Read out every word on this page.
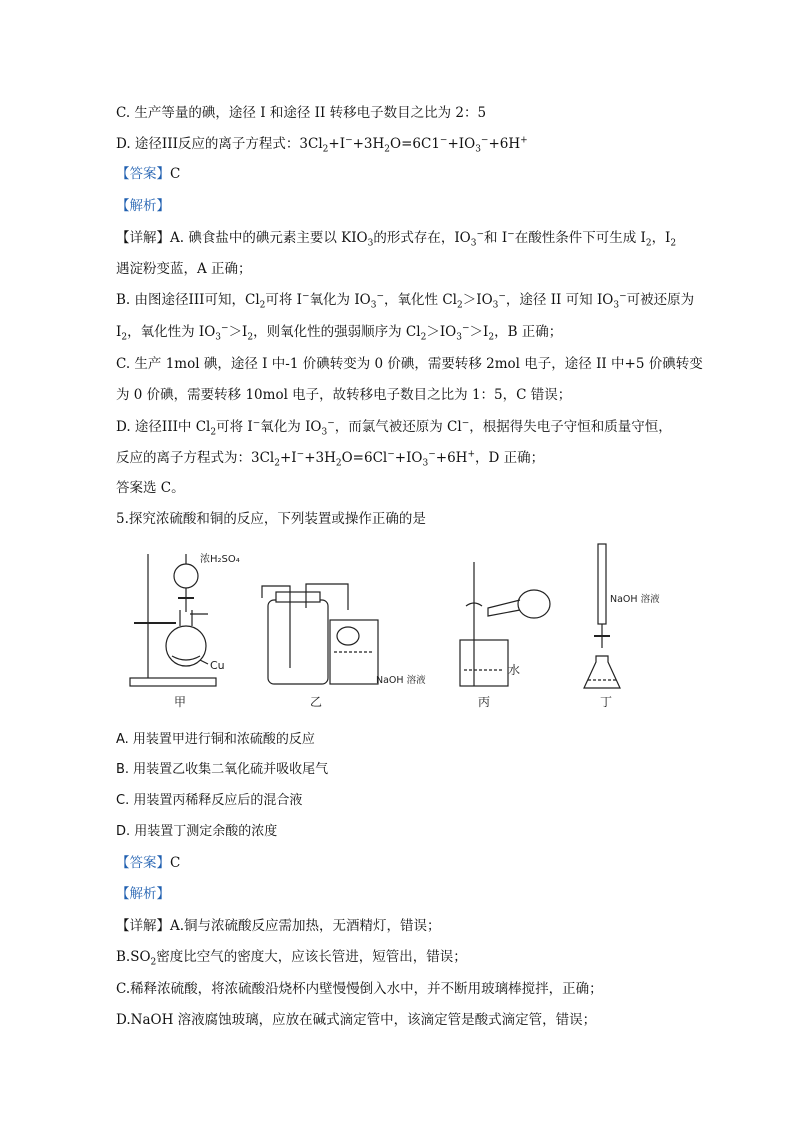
C. 生产等量的碘，途径 I 和途径 II 转移电子数目之比为 2：5
D. 途径III反应的离子方程式：$3Cl_2+I^-+3H_2O=6C1^-+IO_3^-+6H^+$
【答案】C
【解析】
【详解】A. 碘食盐中的碘元素主要以 $KIO_3$的形式存在，$IO_3^-$和 I−在酸性条件下可生成 $I_2$，$I_2$
遇淀粉变蓝，A 正确；
B. 由图途径III可知，$Cl_2$可将 I−氧化为 $IO_3^-$，氧化性 $Cl_2>IO_3^-$，途径 II 可知 $IO_3^-$可被还原为
$I_2$，氧化性为 $IO_3^->I_2$，则氧化性的强弱顺序为 $Cl_2>IO_3^->I_2$，B 正确；
C. 生产 1mol 碘，途径 I 中-1 价碘转变为 0 价碘，需要转移 2mol 电子，途径 II 中+5 价碘转变
为 0 价碘，需要转移 10mol 电子，故转移电子数目之比为 1：5，C 错误；
D. 途径III中 $Cl_2$可将 I−氧化为 $IO_3^-$，而氯气被还原为 Cl−，根据得失电子守恒和质量守恒，
反应的离子方程式为：$3Cl_2+I^-+3H_2O=6Cl^-+IO_3^-+6H^+$，D 正确；
答案选 C。
5.探究浓硫酸和铜的反应，下列装置或操作正确的是
浓H₂SO₄
Cu
甲
NaOH 溶液
乙
水
丙
NaOH 溶液
丁
A. 用装置甲进行铜和浓硫酸的反应
B. 用装置乙收集二氧化硫并吸收尾气
C. 用装置丙稀释反应后的混合液
D. 用装置丁测定余酸的浓度
【答案】C
【解析】
【详解】A.铜与浓硫酸反应需加热，无酒精灯，错误；
$B.SO_2$密度比空气的密度大，应该长管进，短管出，错误；
C.稀释浓硫酸，将浓硫酸沿烧杯内壁慢慢倒入水中，并不断用玻璃棒搅拌，正确；
D.NaOH 溶液腐蚀玻璃，应放在碱式滴定管中，该滴定管是酸式滴定管，错误；
